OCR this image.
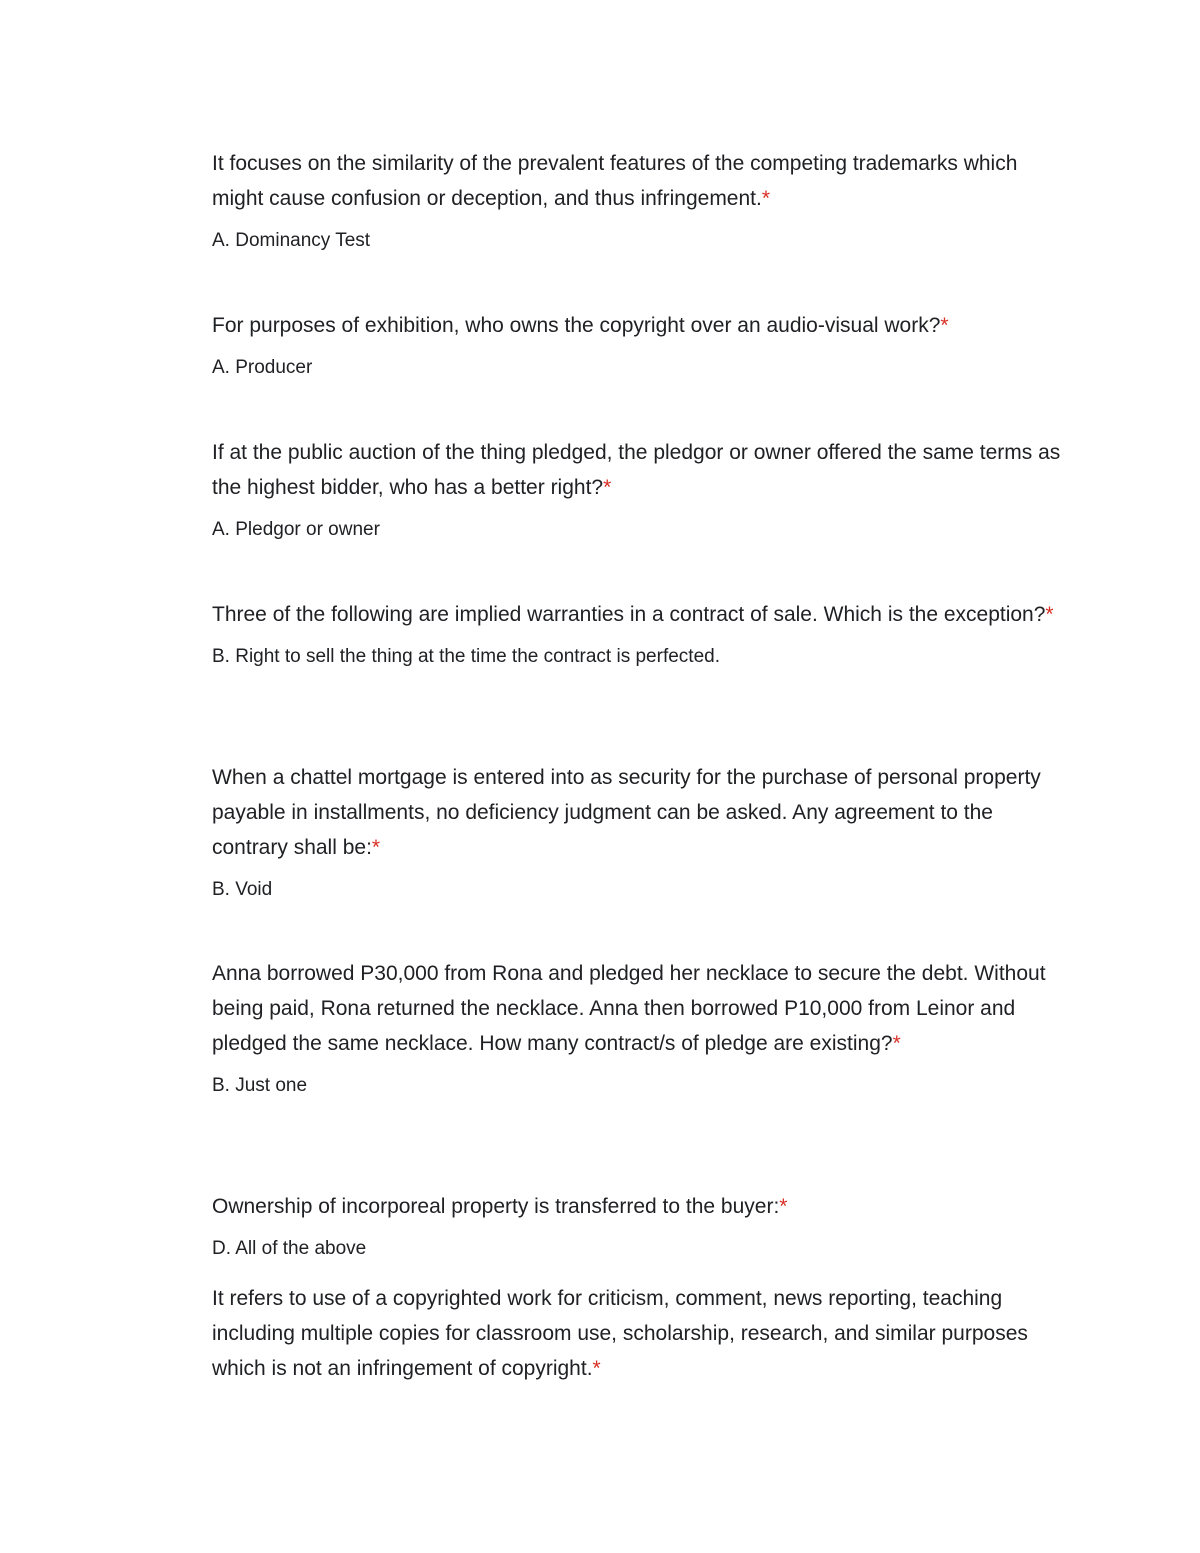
It focuses on the similarity of the prevalent features of the competing trademarks which might cause confusion or deception, and thus infringement.*

A. Dominancy Test

For purposes of exhibition, who owns the copyright over an audio-visual work?*

A. Producer

If at the public auction of the thing pledged, the pledgor or owner offered the same terms as the highest bidder, who has a better right?*

A. Pledgor or owner

Three of the following are implied warranties in a contract of sale. Which is the exception?*

B. Right to sell the thing at the time the contract is perfected.

When a chattel mortgage is entered into as security for the purchase of personal property payable in installments, no deficiency judgment can be asked. Any agreement to the contrary shall be:*

B. Void

Anna borrowed P30,000 from Rona and pledged her necklace to secure the debt. Without being paid, Rona returned the necklace. Anna then borrowed P10,000 from Leinor and pledged the same necklace. How many contract/s of pledge are existing?*

B. Just one

Ownership of incorporeal property is transferred to the buyer:*

D. All of the above

It refers to use of a copyrighted work for criticism, comment, news reporting, teaching including multiple copies for classroom use, scholarship, research, and similar purposes which is not an infringement of copyright.*
